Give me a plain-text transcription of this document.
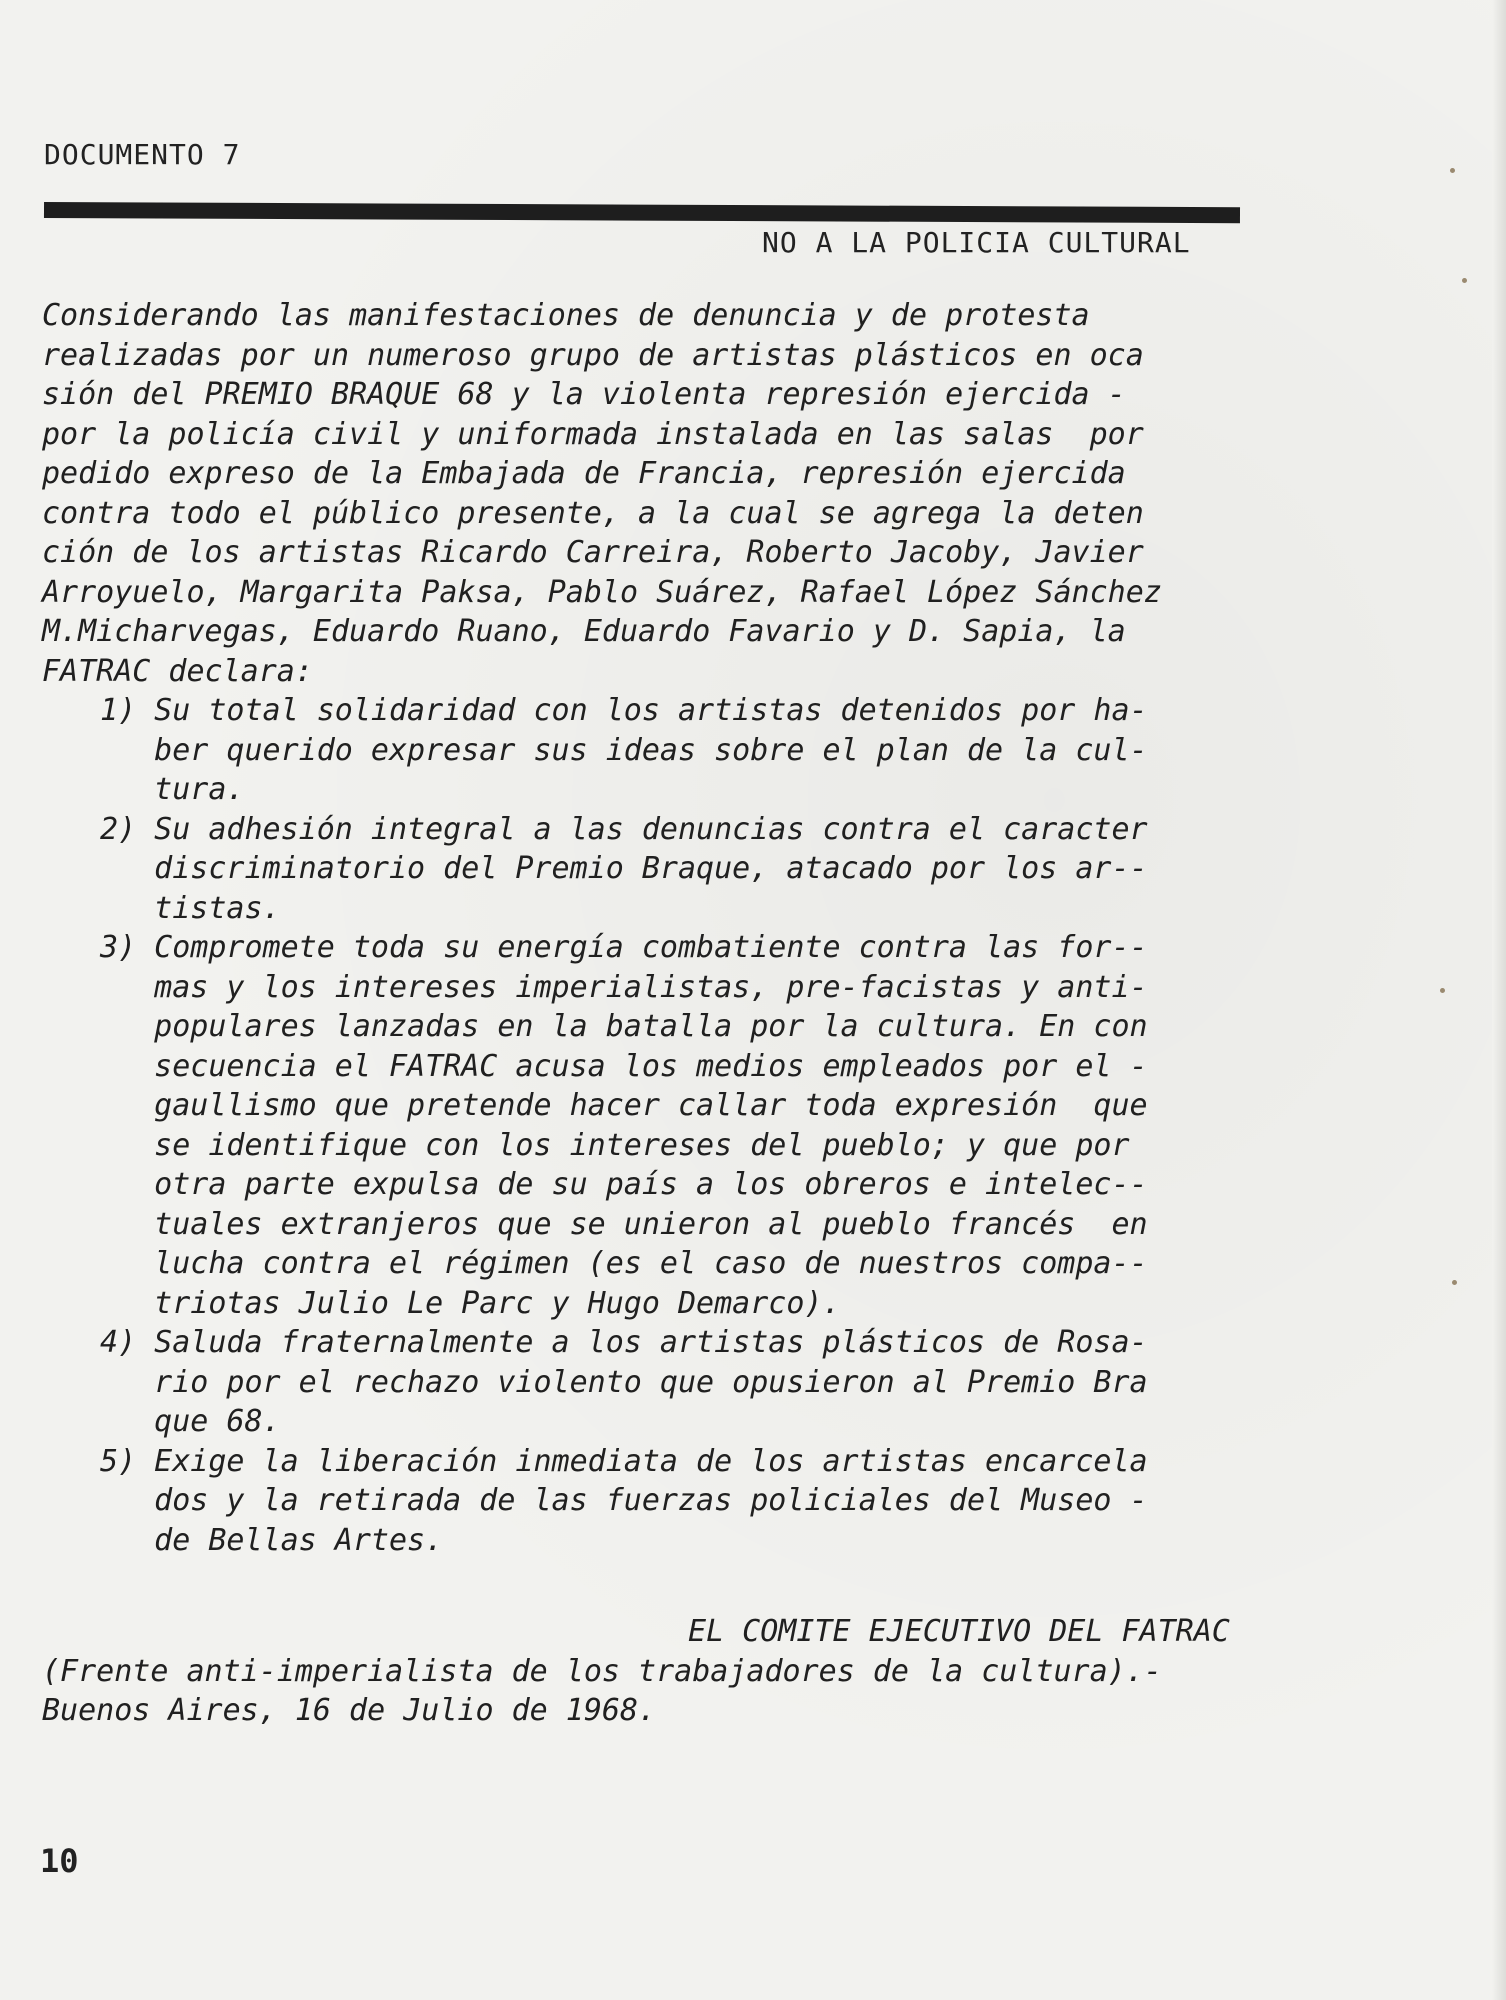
DOCUMENTO 7
NO A LA POLICIA CULTURAL
Considerando las manifestaciones de denuncia y de protesta
realizadas por un numeroso grupo de artistas plásticos en oca
sión del PREMIO BRAQUE 68 y la violenta represión ejercida -
por la policía civil y uniformada instalada en las salas  por
pedido expreso de la Embajada de Francia, represión ejercida
contra todo el público presente, a la cual se agrega la deten
ción de los artistas Ricardo Carreira, Roberto Jacoby, Javier
Arroyuelo, Margarita Paksa, Pablo Suárez, Rafael López Sánchez
M.Micharvegas, Eduardo Ruano, Eduardo Favario y D. Sapia, la
FATRAC declara:
1) Su total solidaridad con los artistas detenidos por ha-
ber querido expresar sus ideas sobre el plan de la cul-
tura.
2) Su adhesión integral a las denuncias contra el caracter
discriminatorio del Premio Braque, atacado por los ar--
tistas.
3) Compromete toda su energía combatiente contra las for--
mas y los intereses imperialistas, pre-facistas y anti-
populares lanzadas en la batalla por la cultura. En con
secuencia el FATRAC acusa los medios empleados por el -
gaullismo que pretende hacer callar toda expresión  que
se identifique con los intereses del pueblo; y que por
otra parte expulsa de su país a los obreros e intelec--
tuales extranjeros que se unieron al pueblo francés  en
lucha contra el régimen (es el caso de nuestros compa--
triotas Julio Le Parc y Hugo Demarco).
4) Saluda fraternalmente a los artistas plásticos de Rosa-
rio por el rechazo violento que opusieron al Premio Bra
que 68.
5) Exige la liberación inmediata de los artistas encarcela
dos y la retirada de las fuerzas policiales del Museo -
de Bellas Artes.
EL COMITE EJECUTIVO DEL FATRAC
(Frente anti-imperialista de los trabajadores de la cultura).-
Buenos Aires, 16 de Julio de 1968.
10
